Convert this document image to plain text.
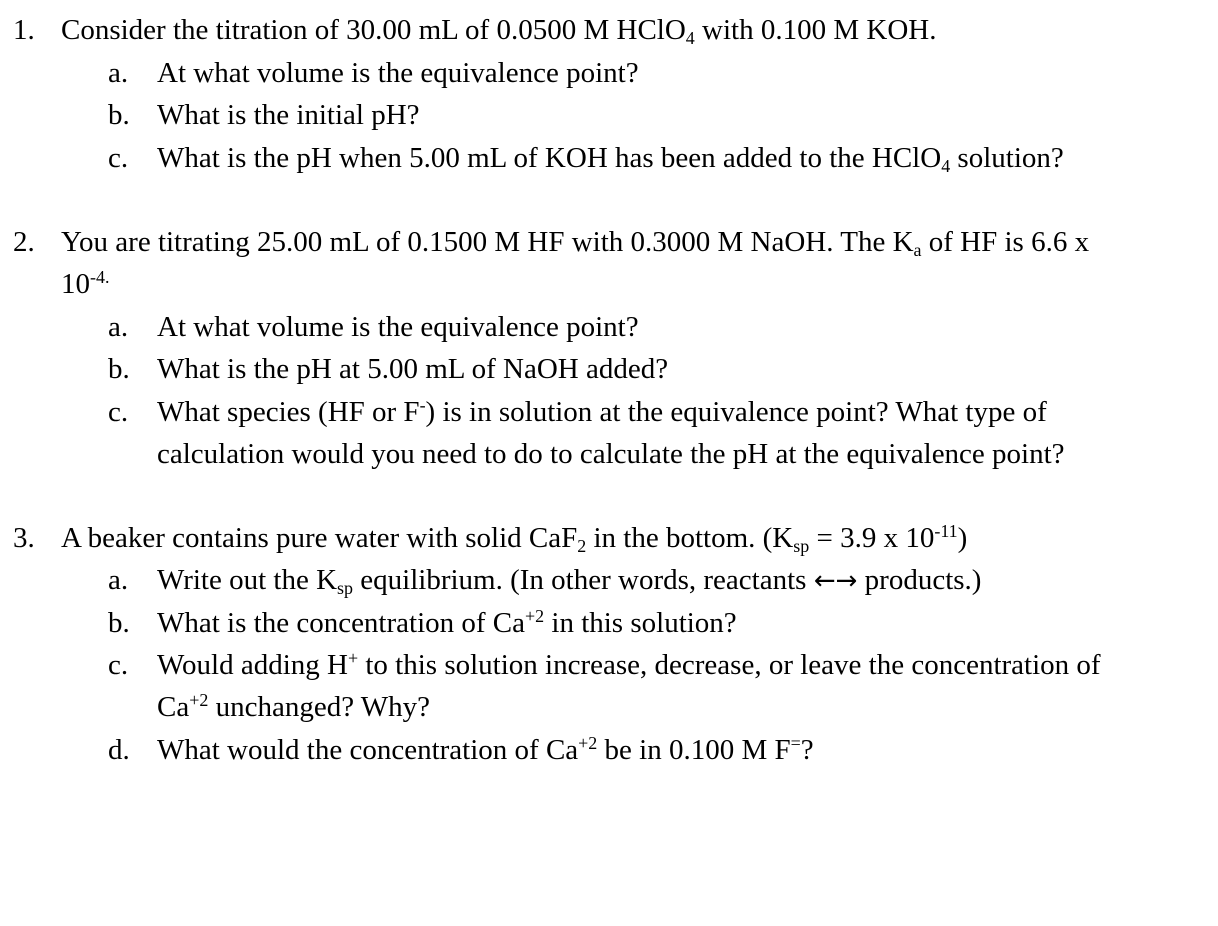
1. Consider the titration of 30.00 mL of 0.0500 M HClO$_4$ with 0.100 M KOH.
a. At what volume is the equivalence point?
b. What is the initial pH?
c. What is the pH when 5.00 mL of KOH has been added to the HClO$_4$ solution?
2. You are titrating 25.00 mL of 0.1500 M HF with 0.3000 M NaOH. The $K_a$ of HF is 6.6 x
$10^{-4.}$
a. At what volume is the equivalence point?
b. What is the pH at 5.00 mL of NaOH added?
c. What species (HF or F-) is in solution at the equivalence point? What type of
calculation would you need to do to calculate the pH at the equivalence point?
3. A beaker contains pure water with solid CaF$_2$ in the bottom. ($K_{sp} = 3.9$ x $10^{-11}$)
a. Write out the $K_{sp}$ equilibrium. (In other words, reactants ←→ products.)
b. What is the concentration of $Ca^{+2}$ in this solution?
c. Would adding H+ to this solution increase, decrease, or leave the concentration of
$Ca^{+2}$ unchanged? Why?
d. What would the concentration of $Ca^{+2}$ be in 0.100 M F=?
